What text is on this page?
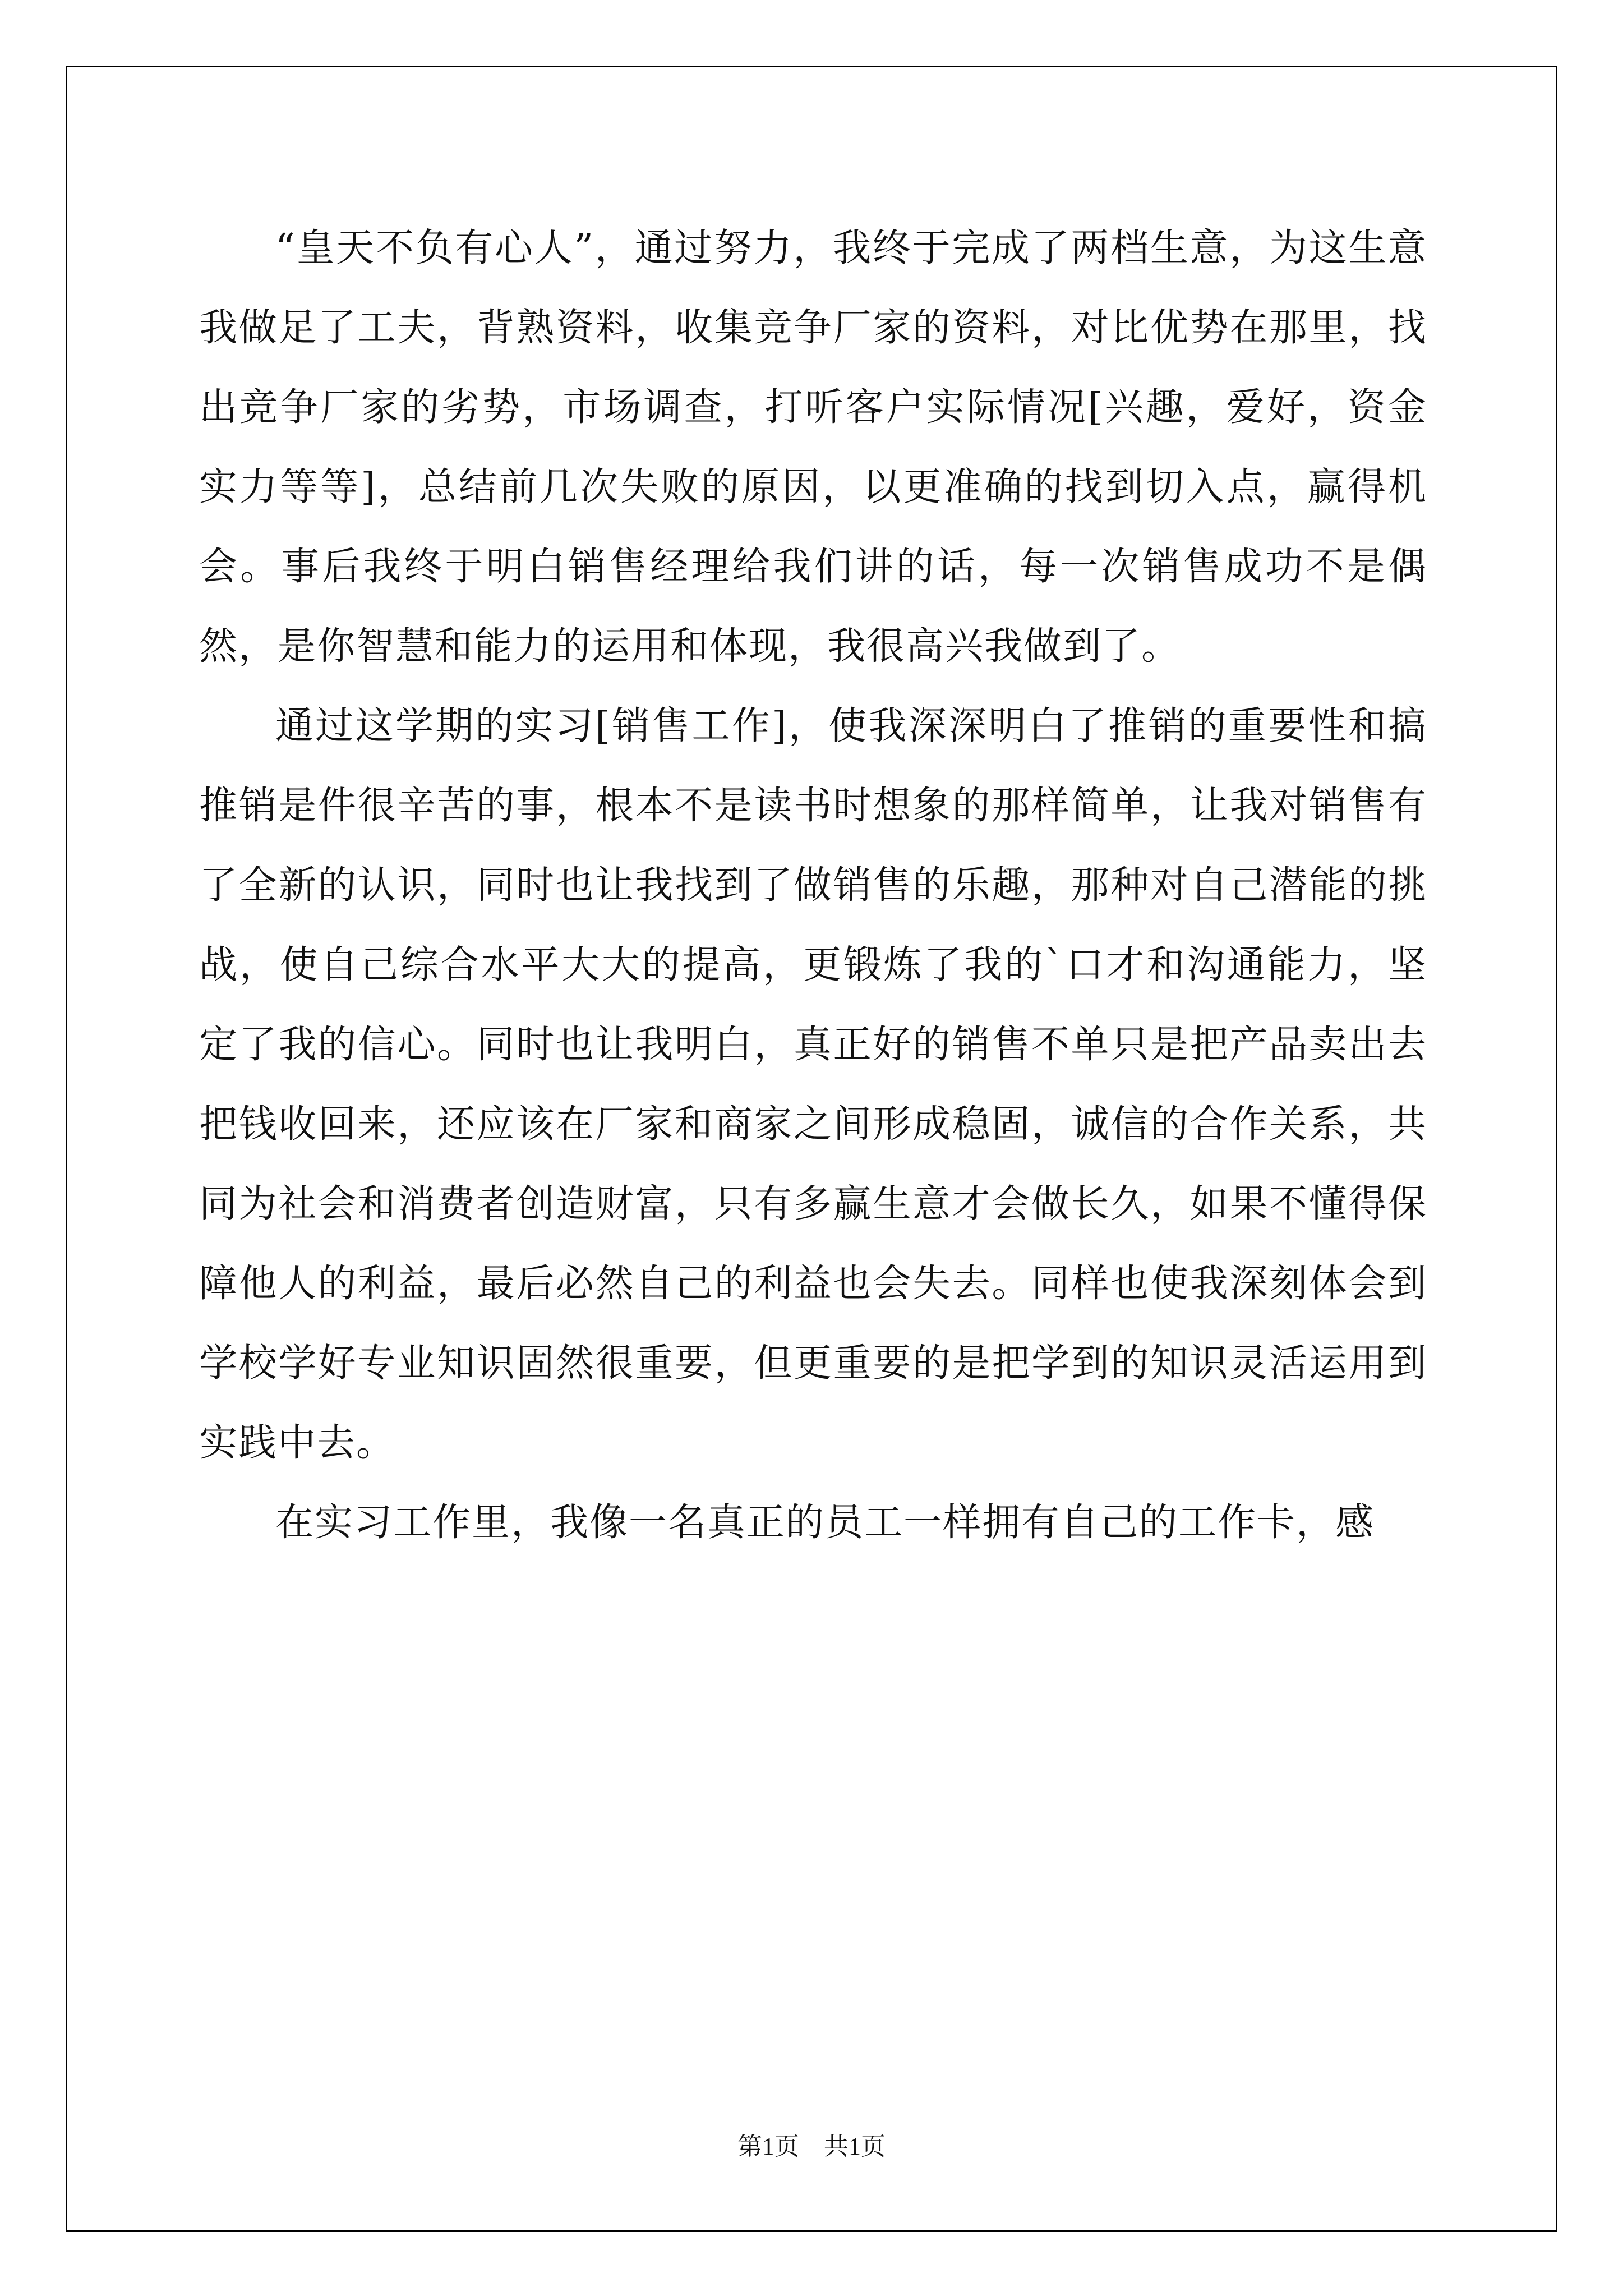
“皇天不负有心人”，通过努力，我终于完成了两档生意，为这生意我做足了工夫，背熟资料，收集竞争厂家的资料，对比优势在那里，找出竞争厂家的劣势，市场调查，打听客户实际情况[兴趣，爱好，资金实力等等]，总结前几次失败的原因，以更准确的找到切入点，赢得机会。事后我终于明白销售经理给我们讲的话，每一次销售成功不是偶然，是你智慧和能力的运用和体现，我很高兴我做到了。

通过这学期的实习[销售工作]，使我深深明白了推销的重要性和搞推销是件很辛苦的事，根本不是读书时想象的那样简单，让我对销售有了全新的认识，同时也让我找到了做销售的乐趣，那种对自己潜能的挑战，使自己综合水平大大的提高，更锻炼了我的`口才和沟通能力，坚定了我的信心。同时也让我明白，真正好的销售不单只是把产品卖出去把钱收回来，还应该在厂家和商家之间形成稳固，诚信的合作关系，共同为社会和消费者创造财富，只有多赢生意才会做长久，如果不懂得保障他人的利益，最后必然自己的利益也会失去。同样也使我深刻体会到学校学好专业知识固然很重要，但更重要的是把学到的知识灵活运用到实践中去。

在实习工作里，我像一名真正的员工一样拥有自己的工作卡，感

第1页　共1页
